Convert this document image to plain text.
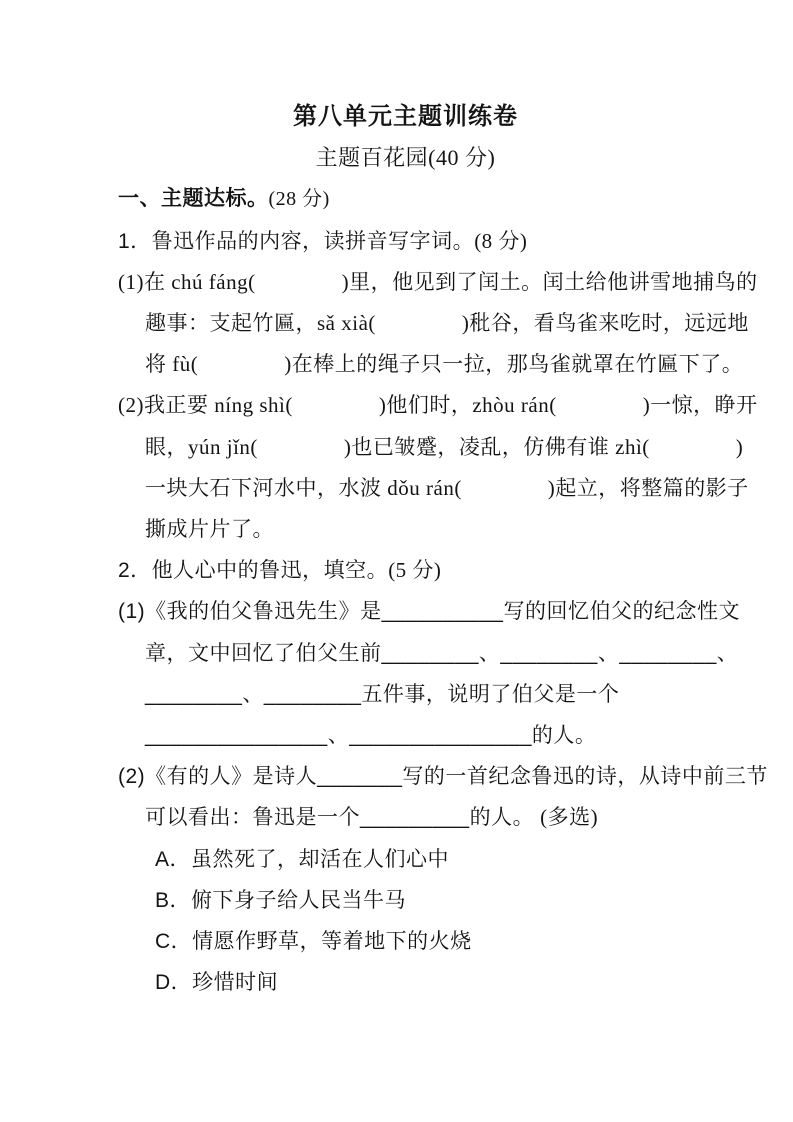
第八单元主题训练卷
主题百花园(40 分)
一、主题达标。(28 分)
1．鲁迅作品的内容，读拼音写字词。(8 分)
(1)在 chú fáng(　　　　)里，他见到了闰土。闰土给他讲雪地捕鸟的
趣事：支起竹匾，sǎ xià(　　　　)秕谷，看鸟雀来吃时，远远地
将 fù(　　　　)在棒上的绳子只一拉，那鸟雀就罩在竹匾下了。
(2)我正要 níng shì(　　　　)他们时，zhòu rán(　　　　)一惊，睁开
眼，yún jǐn(　　　　)也已皱蹙，凌乱，仿佛有谁 zhì(　　　　)
一块大石下河水中，水波 dǒu rán(　　　　)起立，将整篇的影子
撕成片片了。
2．他人心中的鲁迅，填空。(5 分)
(1)《我的伯父鲁迅先生》是__________写的回忆伯父的纪念性文
章，文中回忆了伯父生前________、________、________、
________、________五件事，说明了伯父是一个
_______________、_______________的人。
(2)《有的人》是诗人_______写的一首纪念鲁迅的诗，从诗中前三节
可以看出：鲁迅是一个_________的人。 (多选)
A．虽然死了，却活在人们心中
B．俯下身子给人民当牛马
C．情愿作野草，等着地下的火烧
D．珍惜时间
